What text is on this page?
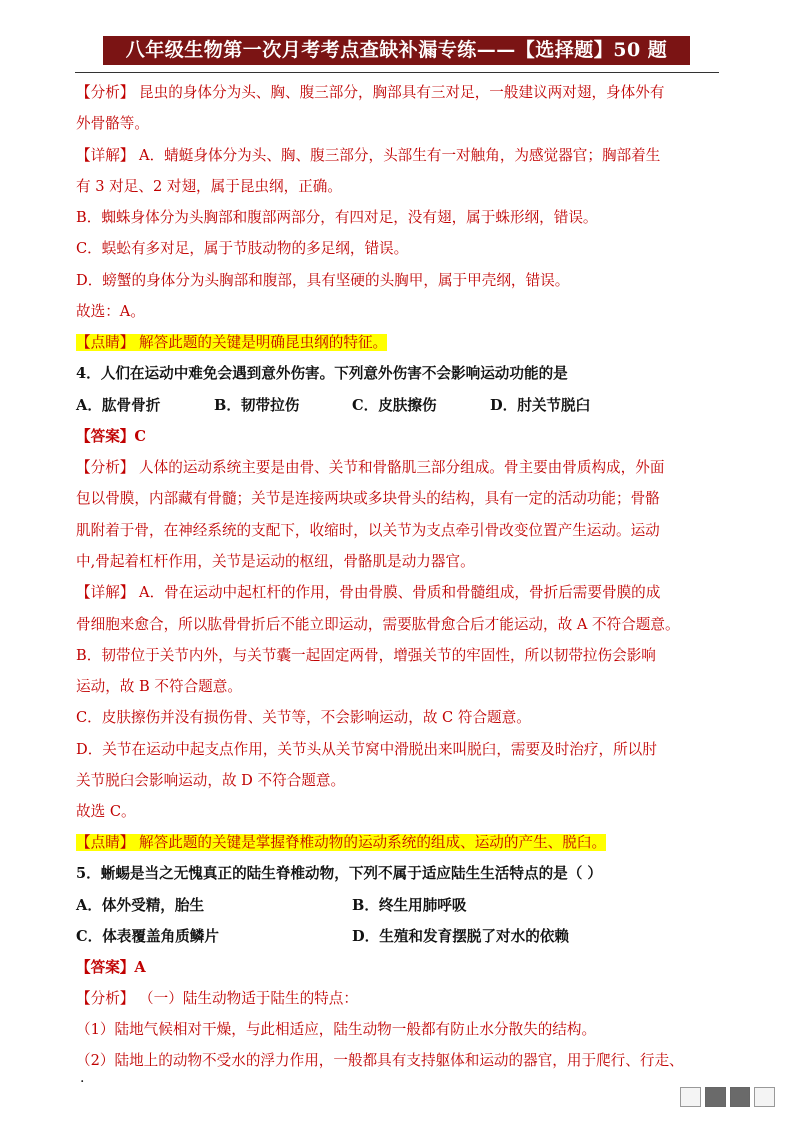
八年级生物第一次月考考点查缺补漏专练——【选择题】50 题
【分析】 昆虫的身体分为头、胸、腹三部分，胸部具有三对足，一般建议两对翅，身体外有
外骨骼等。
【详解】 A．蜻蜓身体分为头、胸、腹三部分，头部生有一对触角，为感觉器官；胸部着生
有 3 对足、2 对翅，属于昆虫纲，正确。
B．蜘蛛身体分为头胸部和腹部两部分，有四对足，没有翅，属于蛛形纲，错误。
C．蜈蚣有多对足，属于节肢动物的多足纲，错误。
D．螃蟹的身体分为头胸部和腹部，具有坚硬的头胸甲，属于甲壳纲，错误。
故选：A。
【点睛】 解答此题的关键是明确昆虫纲的特征。
4．人们在运动中难免会遇到意外伤害。下列意外伤害不会影响运动功能的是
A．肱骨骨折	B．韧带拉伤	C．皮肤擦伤	D．肘关节脱臼
【答案】C
【分析】 人体的运动系统主要是由骨、关节和骨骼肌三部分组成。骨主要由骨质构成，外面
包以骨膜，内部藏有骨髓；关节是连接两块或多块骨头的结构，具有一定的活动功能；骨骼
肌附着于骨，在神经系统的支配下，收缩时，以关节为支点牵引骨改变位置产生运动。运动
中,骨起着杠杆作用，关节是运动的枢纽，骨骼肌是动力器官。
【详解】 A．骨在运动中起杠杆的作用，骨由骨膜、骨质和骨髓组成，骨折后需要骨膜的成
骨细胞来愈合，所以肱骨骨折后不能立即运动，需要肱骨愈合后才能运动，故 A 不符合题意。
B．韧带位于关节内外，与关节囊一起固定两骨，增强关节的牢固性，所以韧带拉伤会影响
运动，故 B 不符合题意。
C．皮肤擦伤并没有损伤骨、关节等，不会影响运动，故 C 符合题意。
D．关节在运动中起支点作用，关节头从关节窝中滑脱出来叫脱臼，需要及时治疗，所以肘
关节脱臼会影响运动，故 D 不符合题意。
故选 C。
【点睛】 解答此题的关键是掌握脊椎动物的运动系统的组成、运动的产生、脱臼。
5．蜥蜴是当之无愧真正的陆生脊椎动物，下列不属于适应陆生生活特点的是（ ）
A．体外受精，胎生	B．终生用肺呼吸
C．体表覆盖角质鳞片	D．生殖和发育摆脱了对水的依赖
【答案】A
【分析】 （一）陆生动物适于陆生的特点：
（1）陆地气候相对干燥，与此相适应，陆生动物一般都有防止水分散失的结构。
（2）陆地上的动物不受水的浮力作用，一般都具有支持躯体和运动的器官，用于爬行、行走、
·
